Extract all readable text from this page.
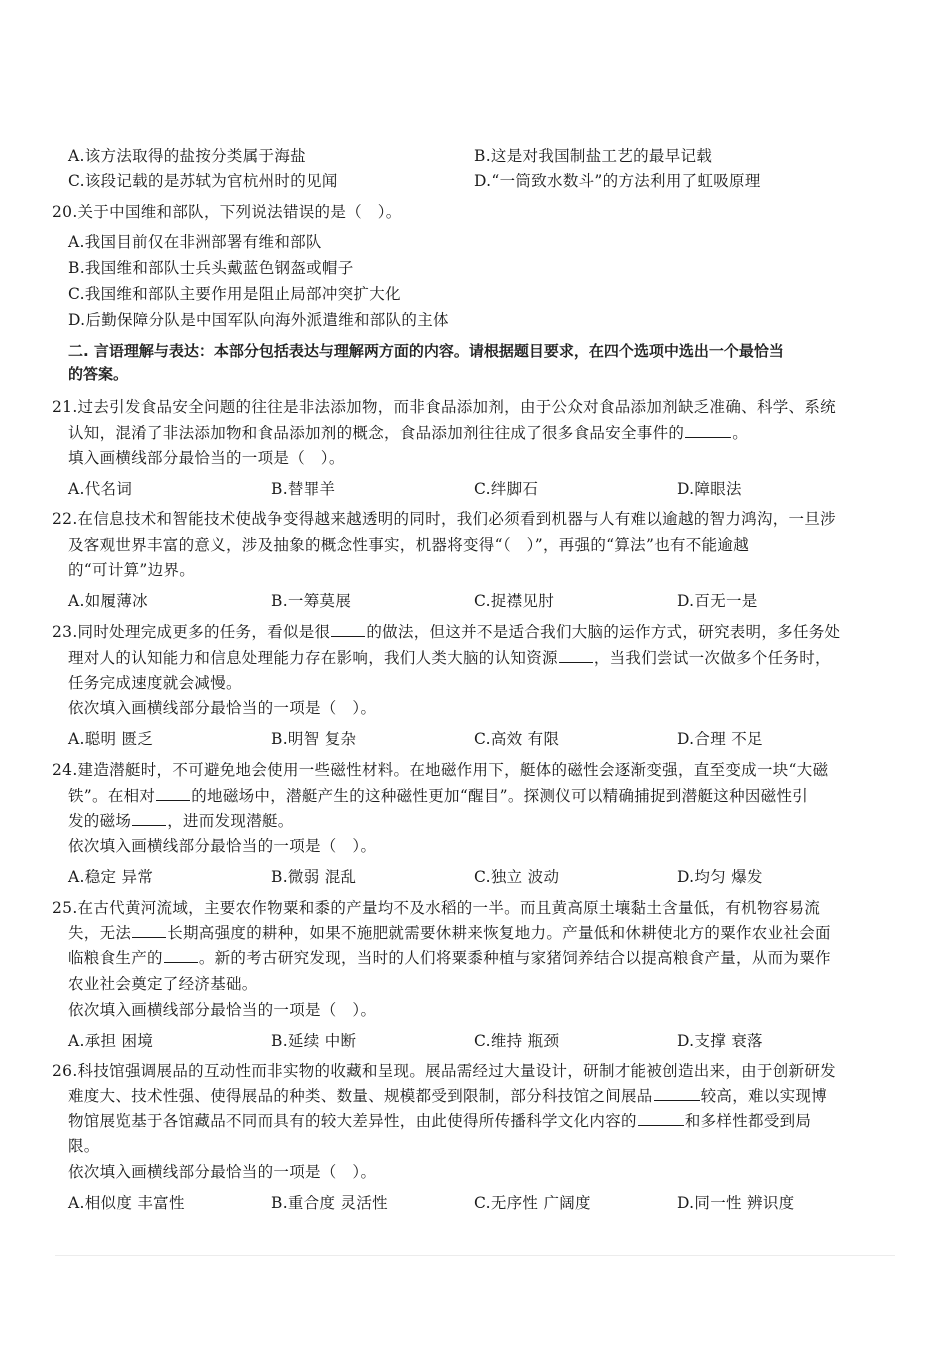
A.该方法取得的盐按分类属于海盐	B.这是对我国制盐工艺的最早记载
C.该段记载的是苏轼为官杭州时的见闻	D.“一筒致水数斗”的方法利用了虹吸原理
20.关于中国维和部队，下列说法错误的是（　）。
A.我国目前仅在非洲部署有维和部队
B.我国维和部队士兵头戴蓝色钢盔或帽子
C.我国维和部队主要作用是阻止局部冲突扩大化
D.后勤保障分队是中国军队向海外派遣维和部队的主体
二. 言语理解与表达：本部分包括表达与理解两方面的内容。请根据题目要求，在四个选项中选出一个最恰当
的答案。
21.过去引发食品安全问题的往往是非法添加物，而非食品添加剂，由于公众对食品添加剂缺乏准确、科学、系统
认知，混淆了非法添加物和食品添加剂的概念，食品添加剂往往成了很多食品安全事件的	。
填入画横线部分最恰当的一项是（　）。
A.代名词	B.替罪羊	C.绊脚石	D.障眼法
22.在信息技术和智能技术使战争变得越来越透明的同时，我们必须看到机器与人有难以逾越的智力鸿沟，一旦涉
及客观世界丰富的意义，涉及抽象的概念性事实，机器将变得“（　）”，再强的“算法”也有不能逾越
的“可计算”边界。
A.如履薄冰	B.一筹莫展	C.捉襟见肘	D.百无一是
23.同时处理完成更多的任务，看似是很 的做法，但这并不是适合我们大脑的运作方式，研究表明，多任务处
理对人的认知能力和信息处理能力存在影响，我们人类大脑的认知资源 ，当我们尝试一次做多个任务时，
任务完成速度就会减慢。
依次填入画横线部分最恰当的一项是（　）。
A.聪明 匮乏	B.明智 复杂	C.高效 有限	D.合理 不足
24.建造潜艇时，不可避免地会使用一些磁性材料。在地磁作用下，艇体的磁性会逐渐变强，直至变成一块“大磁
铁”。在相对 的地磁场中，潜艇产生的这种磁性更加“醒目”。探测仪可以精确捕捉到潜艇这种因磁性引
发的磁场 ，进而发现潜艇。
依次填入画横线部分最恰当的一项是（　）。
A.稳定 异常	B.微弱 混乱	C.独立 波动	D.均匀 爆发
25.在古代黄河流域，主要农作物粟和黍的产量均不及水稻的一半。而且黄高原土壤黏土含量低，有机物容易流
失，无法 长期高强度的耕种，如果不施肥就需要休耕来恢复地力。产量低和休耕使北方的粟作农业社会面
临粮食生产的 。新的考古研究发现，当时的人们将粟黍种植与家猪饲养结合以提高粮食产量，从而为粟作
农业社会奠定了经济基础。
依次填入画横线部分最恰当的一项是（　）。
A.承担 困境	B.延续 中断	C.维持 瓶颈	D.支撑 衰落
26.科技馆强调展品的互动性而非实物的收藏和呈现。展品需经过大量设计，研制才能被创造出来，由于创新研发
难度大、技术性强、使得展品的种类、数量、规模都受到限制，部分科技馆之间展品	较高，难以实现博
物馆展览基于各馆藏品不同而具有的较大差异性，由此使得所传播科学文化内容的	和多样性都受到局
限。
依次填入画横线部分最恰当的一项是（　）。
A.相似度 丰富性	B.重合度 灵活性	C.无序性 广阔度	D.同一性 辨识度
